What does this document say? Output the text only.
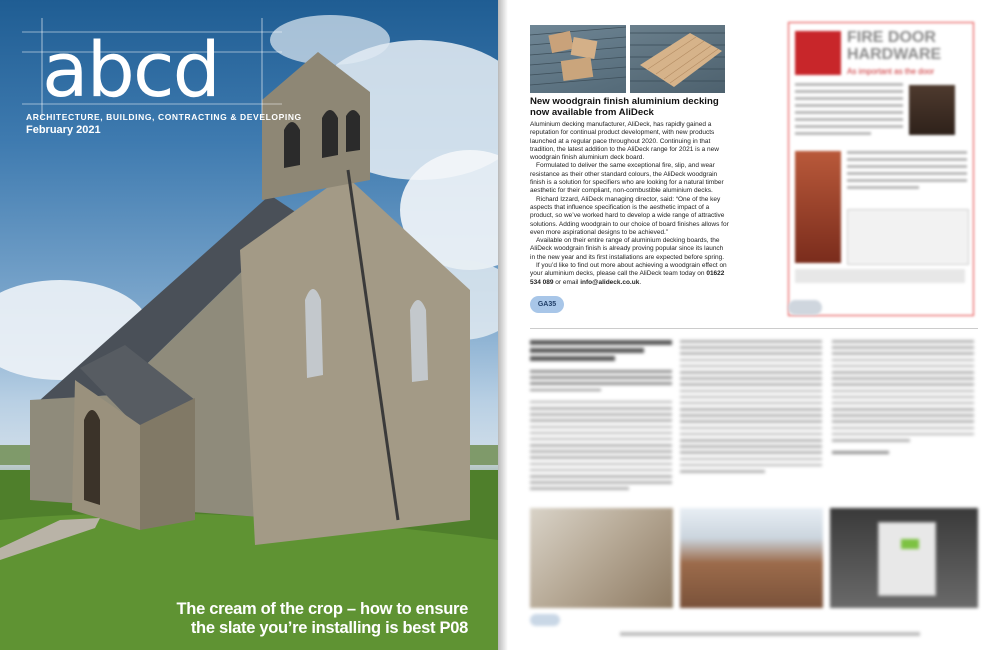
abcd
ARCHITECTURE, BUILDING, CONTRACTING & DEVELOPING
February 2021
The cream of the crop – how to ensure
the slate you’re installing is best P08
New woodgrain finish aluminium decking now available from AliDeck

Aluminium decking manufacturer, AliDeck, has rapidly gained a reputation for continual product development, with new products launched at a regular pace throughout 2020. Continuing in that tradition, the latest addition to the AliDeck range for 2021 is a new woodgrain finish aluminium deck board.

Formulated to deliver the same exceptional fire, slip, and wear resistance as their other standard colours, the AliDeck woodgrain finish is a solution for specifiers who are looking for a natural timber aesthetic for their compliant, non-combustible aluminium decks.

Richard Izzard, AliDeck managing director, said: “One of the key aspects that influence specification is the aesthetic impact of a product, so we’ve worked hard to develop a wide range of attractive solutions. Adding woodgrain to our choice of board finishes allows for even more aspirational designs to be achieved.”

Available on their entire range of aluminium decking boards, the AliDeck woodgrain finish is already proving popular since its launch in the new year and its first installations are expected before spring.

If you’d like to find out more about achieving a woodgrain effect on your aluminium decks, please call the AliDeck team today on 01622 534 089 or email info@alideck.co.uk.

GA35
FIRE DOOR HARDWARE
As important as the door
